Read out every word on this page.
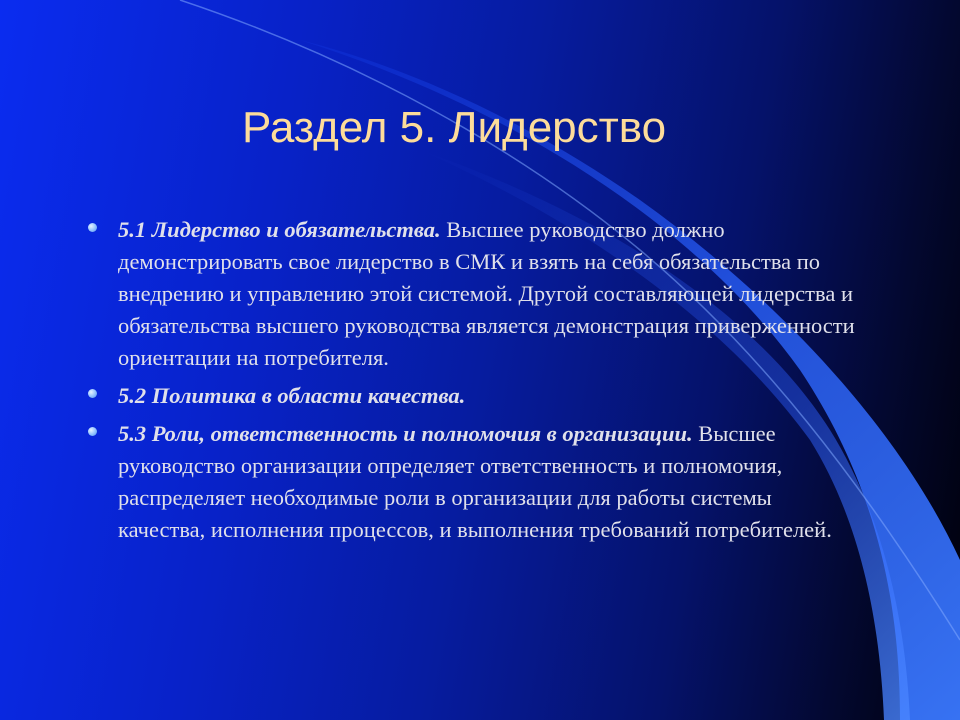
Раздел 5. Лидерство
5.1 Лидерство и обязательства. Высшее руководство должно демонстрировать свое лидерство в СМК и взять на себя обязательства по внедрению и управлению этой системой. Другой составляющей лидерства и обязательства высшего руководства является демонстрация приверженности ориентации на потребителя.
5.2 Политика в области качества.
5.3 Роли, ответственность и полномочия в организации. Высшее руководство организации определяет ответственность и полномочия, распределяет необходимые роли в организации для работы системы качества, исполнения процессов, и выполнения требований потребителей.
